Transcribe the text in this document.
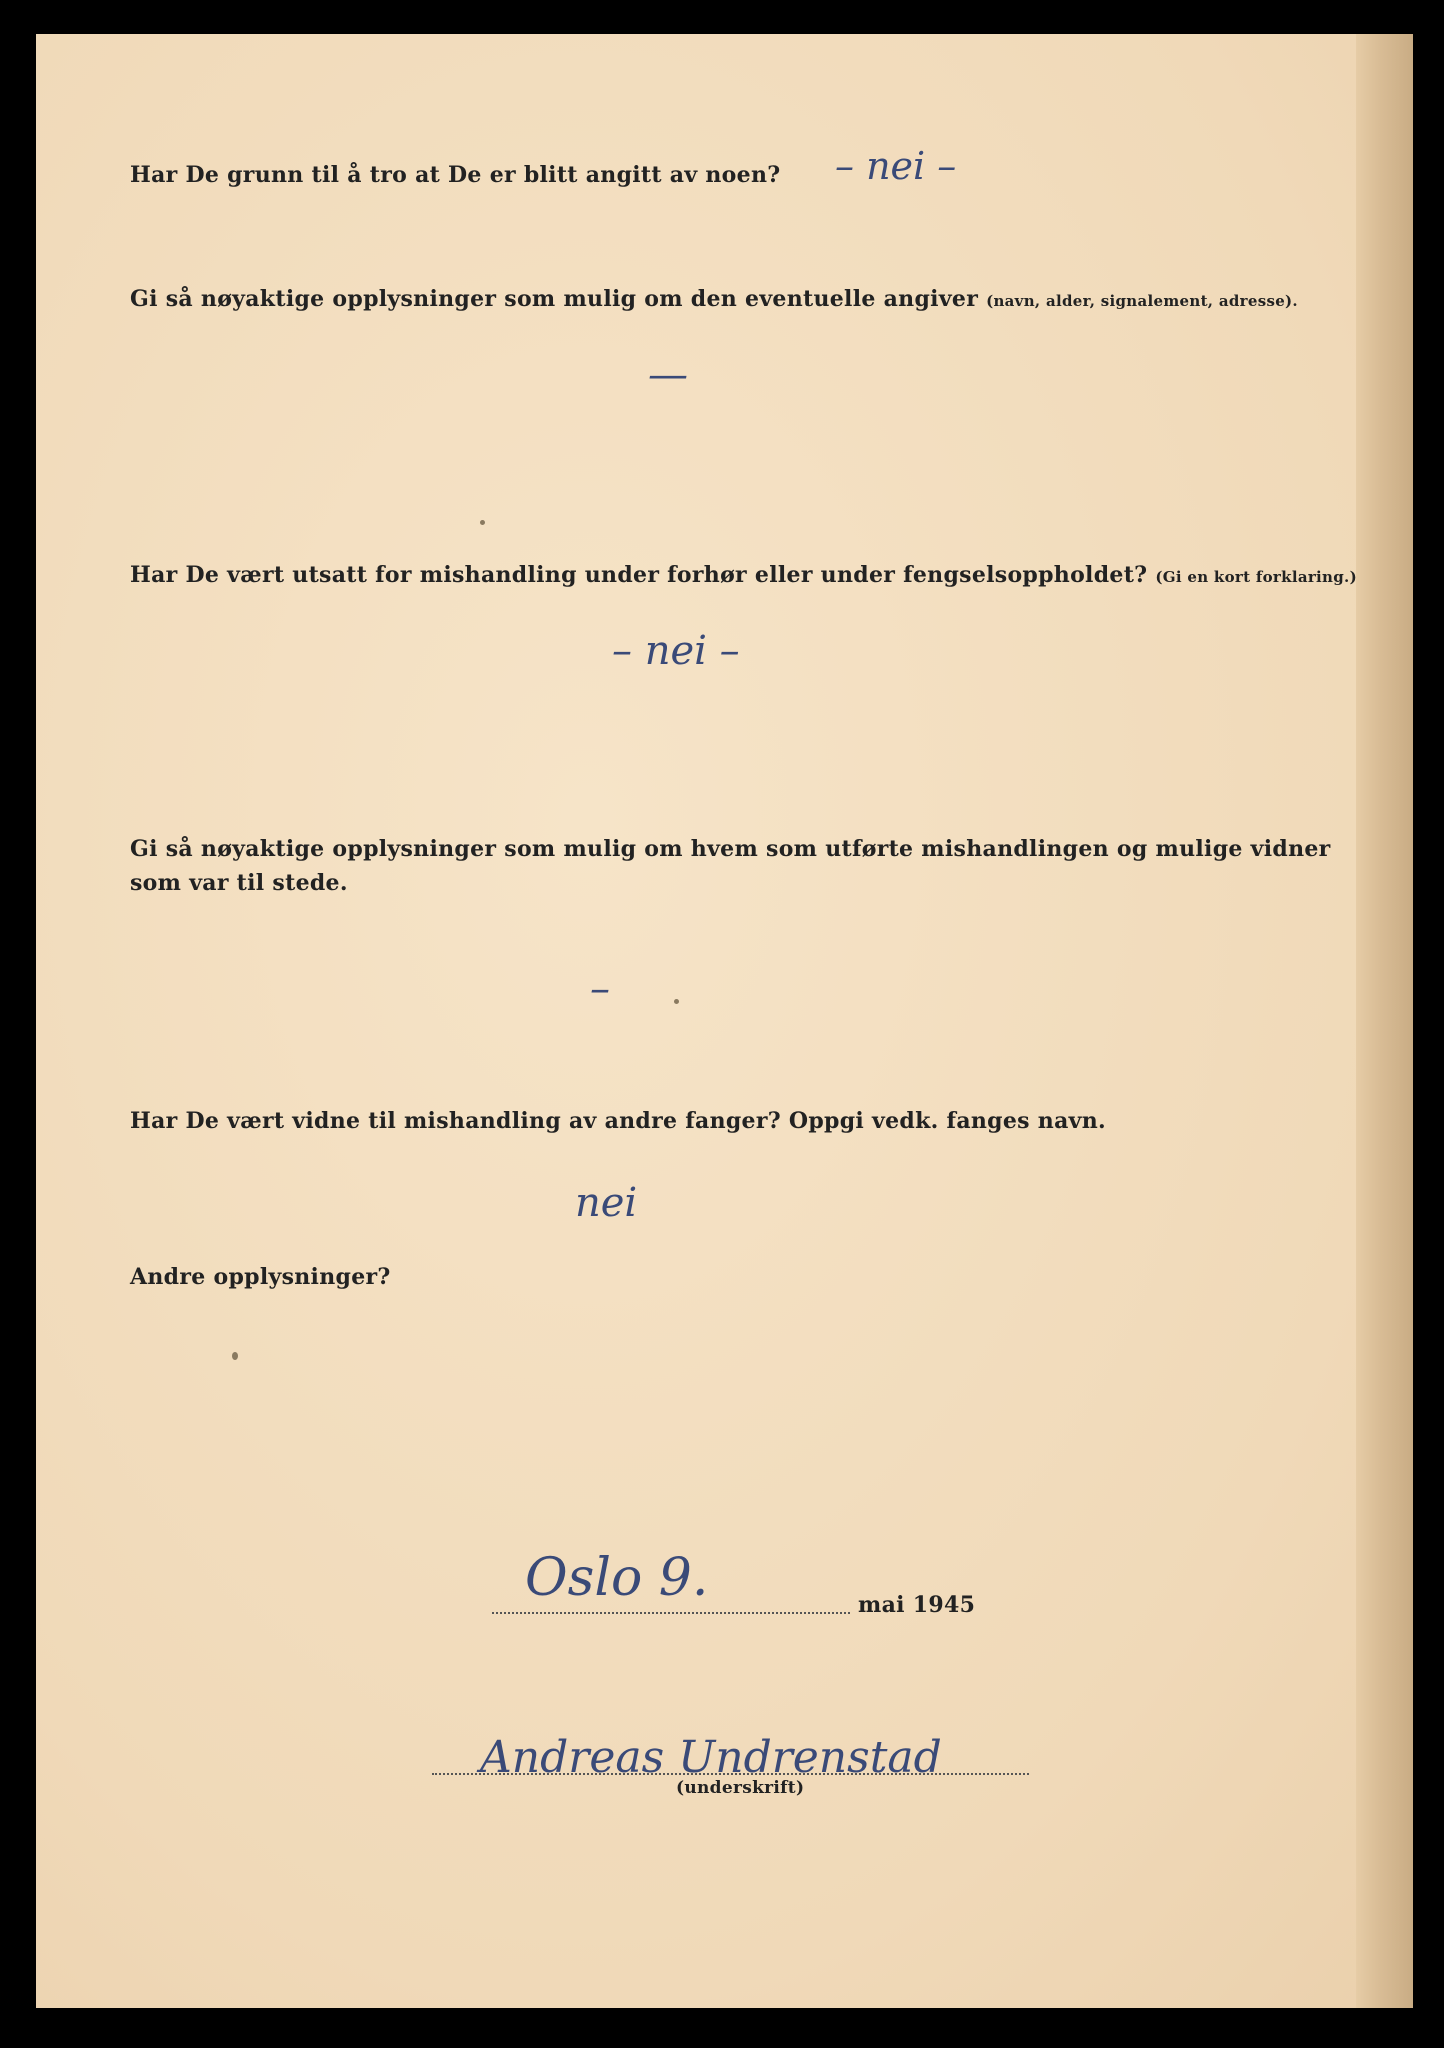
Har De grunn til å tro at De er blitt angitt av noen? – nei –
Gi så nøyaktige opplysninger som mulig om den eventuelle angiver (navn, alder, signalement, adresse).
—
Har De vært utsatt for mishandling under forhør eller under fengselsoppholdet? (Gi en kort forklaring.)
– nei –
Gi så nøyaktige opplysninger som mulig om hvem som utførte mishandlingen og mulige vidner
som var til stede.
–
Har De vært vidne til mishandling av andre fanger? Oppgi vedk. fanges navn.
nei
Andre opplysninger?
Oslo 9.	mai 1945
Andreas Undrenstad
(underskrift)
